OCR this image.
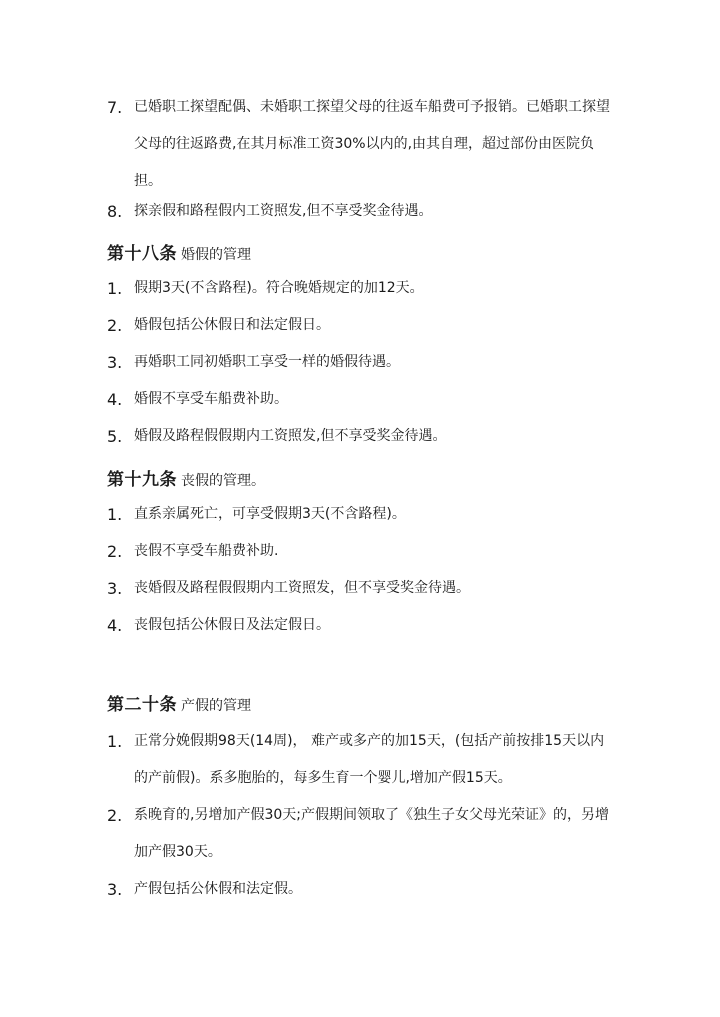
7. 已婚职工探望配偶、未婚职工探望父母的往返车船费可予报销。已婚职工探望父母的往返路费,在其月标准工资30%以内的,由其自理，超过部份由医院负担。
8. 探亲假和路程假内工资照发,但不享受奖金待遇。
第十八条 婚假的管理
1. 假期3天(不含路程)。符合晚婚规定的加12天。
2. 婚假包括公休假日和法定假日。
3. 再婚职工同初婚职工享受一样的婚假待遇。
4. 婚假不享受车船费补助。
5. 婚假及路程假假期内工资照发,但不享受奖金待遇。
第十九条 丧假的管理。
1. 直系亲属死亡，可享受假期3天(不含路程)。
2. 丧假不享受车船费补助.
3. 丧婚假及路程假假期内工资照发，但不享受奖金待遇。
4. 丧假包括公休假日及法定假日。
第二十条 产假的管理
1. 正常分娩假期98天(14周)， 难产或多产的加15天，(包括产前按排15天以内的产前假)。系多胞胎的，每多生育一个婴儿,增加产假15天。
2. 系晚育的,另增加产假30天;产假期间领取了《独生子女父母光荣证》的，另增加产假30天。
3. 产假包括公休假和法定假。
